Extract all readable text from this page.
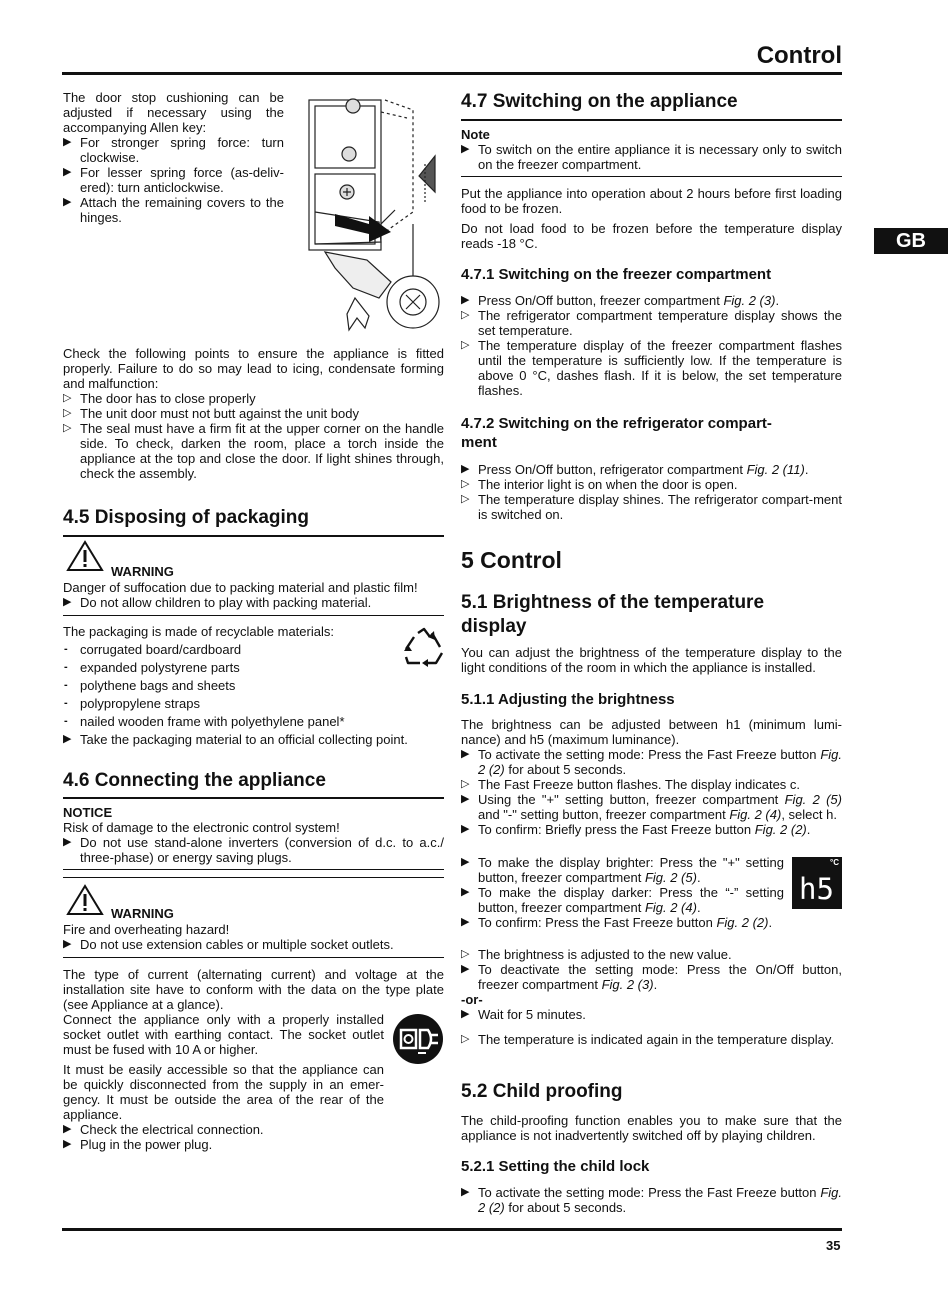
Control
GB
35

The door stop cushioning can be adjusted if necessary using the accompanying Allen key:

▶ For stronger spring force: turn clockwise.
▶ For lesser spring force (as-deliv-ered): turn anticlockwise.
▶ Attach the remaining covers to the hinges.

Check the following points to ensure the appliance is fitted properly. Failure to do so may lead to icing, condensate forming and malfunction:

▷ The door has to close properly
▷ The unit door must not butt against the unit body
▷ The seal must have a firm fit at the upper corner on the handle side. To check, darken the room, place a torch inside the appliance at the top and close the door. If light shines through, check the assembly.
4.5 Disposing of packaging
WARNING

Danger of suffocation due to packing material and plastic film!

▶ Do not allow children to play with packing material.

The packaging is made of recyclable materials:

- corrugated board/cardboard
- expanded polystyrene parts
- polythene bags and sheets
- polypropylene straps
- nailed wooden frame with polyethylene panel*
▶ Take the packaging material to an official collecting point.
4.6 Connecting the appliance
NOTICE

Risk of damage to the electronic control system!

▶ Do not use stand-alone inverters (conversion of d.c. to a.c./ three-phase) or energy saving plugs.
WARNING

Fire and overheating hazard!

▶ Do not use extension cables or multiple socket outlets.

The type of current (alternating current) and voltage at the installation site have to conform with the data on the type plate (see Appliance at a glance).

Connect the appliance only with a properly installed socket outlet with earthing contact. The socket outlet must be fused with 10 A or higher.

It must be easily accessible so that the appliance can be quickly disconnected from the supply in an emer-gency. It must be outside the area of the rear of the appliance.

▶ Check the electrical connection.
▶ Plug in the power plug.
4.7 Switching on the appliance
Note
▶ To switch on the entire appliance it is necessary only to switch on the freezer compartment.

Put the appliance into operation about 2 hours before first loading food to be frozen.

Do not load food to be frozen before the temperature display reads -18 °C.

4.7.1 Switching on the freezer compartment
▶ Press On/Off button, freezer compartment Fig. 2 (3).
▷ The refrigerator compartment temperature display shows the set temperature.
▷ The temperature display of the freezer compartment flashes until the temperature is sufficiently low. If the temperature is above 0 °C, dashes flash. If it is below, the set temperature flashes.
4.7.2 Switching on the refrigerator compart-
ment
▶ Press On/Off button, refrigerator compartment Fig. 2 (11).
▷ The interior light is on when the door is open.
▷ The temperature display shines. The refrigerator compart-ment is switched on.
5 Control
5.1 Brightness of the temperature
display

You can adjust the brightness of the temperature display to the light conditions of the room in which the appliance is installed.

5.1.1 Adjusting the brightness

The brightness can be adjusted between h1 (minimum lumi-nance) and h5 (maximum luminance).

▶ To activate the setting mode: Press the Fast Freeze button Fig. 2 (2) for about 5 seconds.
▷ The Fast Freeze button flashes. The display indicates c.
▶ Using the "+" setting button, freezer compartment Fig. 2 (5) and "-" setting button, freezer compartment Fig. 2 (4), select h.
▶ To confirm: Briefly press the Fast Freeze button Fig. 2 (2).
▶ To make the display brighter: Press the "+" setting button, freezer compartment Fig. 2 (5).
▶ To make the display darker: Press the “-” setting button, freezer compartment Fig. 2 (4).
▶ To confirm: Press the Fast Freeze button Fig. 2 (2).
°C
h5
▷ The brightness is adjusted to the new value.
▶ To deactivate the setting mode: Press the On/Off button, freezer compartment Fig. 2 (3).
-or-
▶ Wait for 5 minutes.
▷ The temperature is indicated again in the temperature display.
5.2 Child proofing

The child-proofing function enables you to make sure that the appliance is not inadvertently switched off by playing children.

5.2.1 Setting the child lock
▶ To activate the setting mode: Press the Fast Freeze button Fig. 2 (2) for about 5 seconds.
